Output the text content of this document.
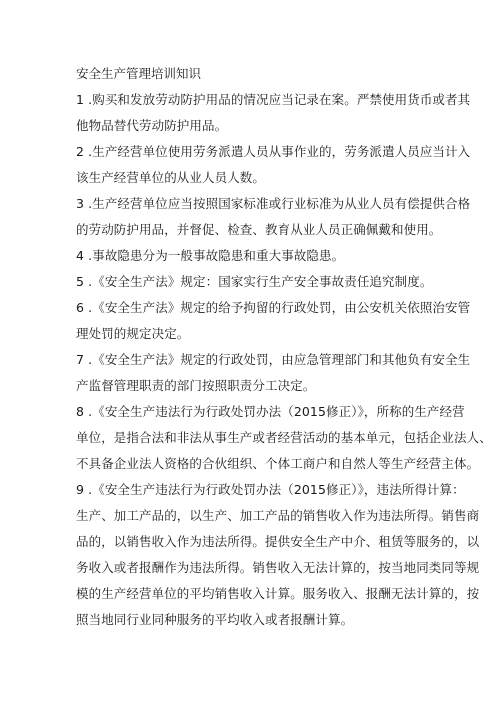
安全生产管理培训知识

1 .购买和发放劳动防护用品的情况应当记录在案。严禁使用货币或者其
他物品替代劳动防护用品。
2 .生产经营单位使用劳务派遣人员从事作业的，劳务派遣人员应当计入
该生产经营单位的从业人员人数。
3 .生产经营单位应当按照国家标准或行业标准为从业人员有偿提供合格
的劳动防护用品，并督促、检查、教育从业人员正确佩戴和使用。
4 .事故隐患分为一般事故隐患和重大事故隐患。
5 .《安全生产法》规定：国家实行生产安全事故责任追究制度。
6 .《安全生产法》规定的给予拘留的行政处罚，由公安机关依照治安管
理处罚的规定决定。
7 .《安全生产法》规定的行政处罚，由应急管理部门和其他负有安全生
产监督管理职责的部门按照职责分工决定。
8 .《安全生产违法行为行政处罚办法（2015修正）》，所称的生产经营
单位，是指合法和非法从事生产或者经营活动的基本单元，包括企业法人、
不具备企业法人资格的合伙组织、个体工商户和自然人等生产经营主体。
9 .《安全生产违法行为行政处罚办法（2015修正）》，违法所得计算：
生产、加工产品的，以生产、加工产品的销售收入作为违法所得。销售商
品的，以销售收入作为违法所得。提供安全生产中介、租赁等服务的，以
务收入或者报酬作为违法所得。销售收入无法计算的，按当地同类同等规
模的生产经营单位的平均销售收入计算。服务收入、报酬无法计算的，按
照当地同行业同种服务的平均收入或者报酬计算。
